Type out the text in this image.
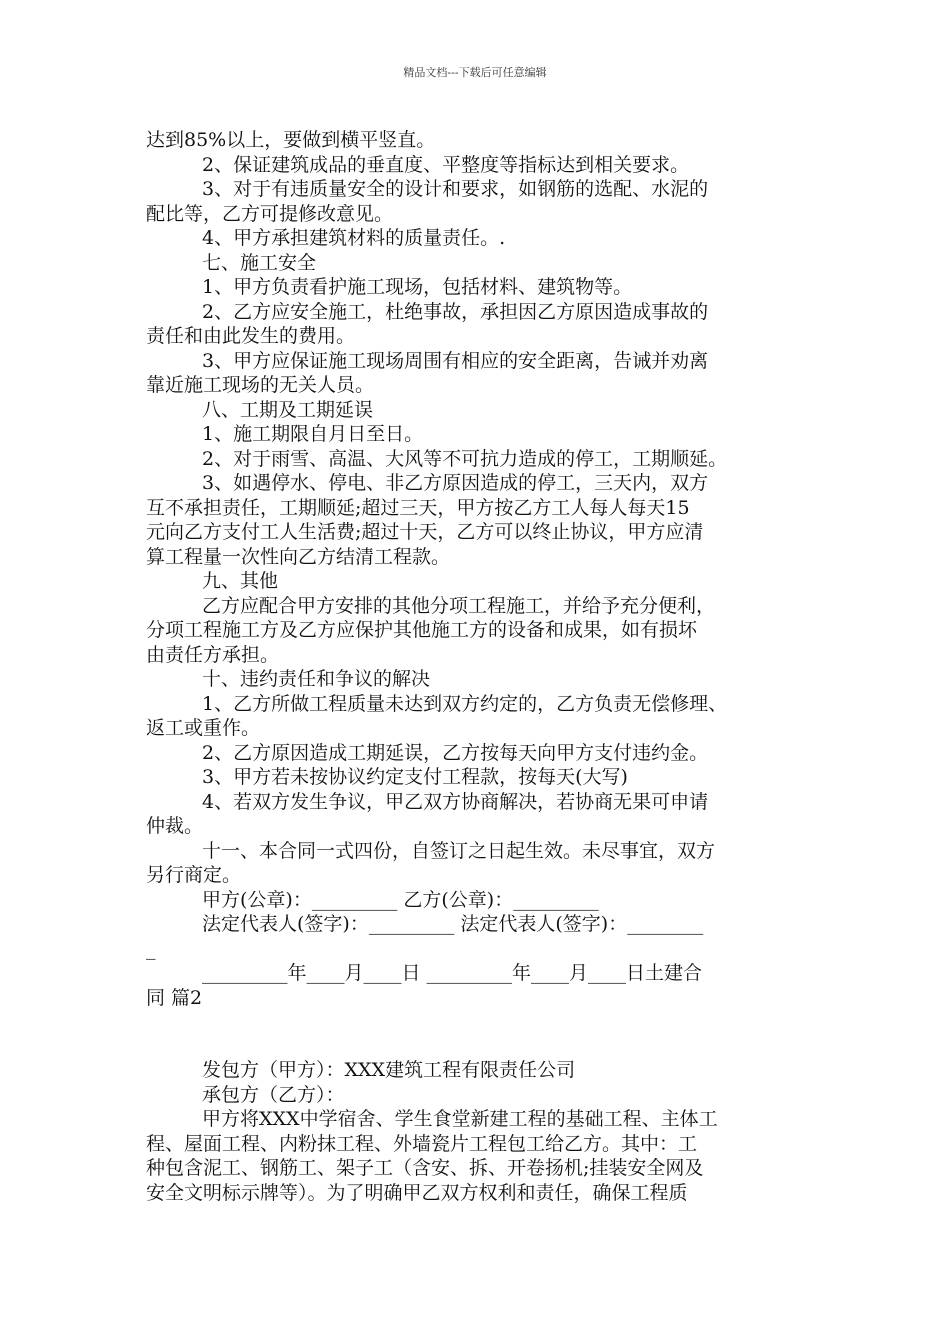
精品文档---下载后可任意编辑
达到85%以上，要做到横平竖直。
2、保证建筑成品的垂直度、平整度等指标达到相关要求。
3、对于有违质量安全的设计和要求，如钢筋的选配、水泥的
配比等，乙方可提修改意见。
4、甲方承担建筑材料的质量责任。.
七、施工安全
1、甲方负责看护施工现场，包括材料、建筑物等。
2、乙方应安全施工，杜绝事故，承担因乙方原因造成事故的
责任和由此发生的费用。
3、甲方应保证施工现场周围有相应的安全距离，告诫并劝离
靠近施工现场的无关人员。
八、工期及工期延误
1、施工期限自月日至日。
2、对于雨雪、高温、大风等不可抗力造成的停工，工期顺延。
3、如遇停水、停电、非乙方原因造成的停工，三天内，双方
互不承担责任，工期顺延;超过三天，甲方按乙方工人每人每天15
元向乙方支付工人生活费;超过十天，乙方可以终止协议，甲方应清
算工程量一次性向乙方结清工程款。
九、其他
乙方应配合甲方安排的其他分项工程施工，并给予充分便利，
分项工程施工方及乙方应保护其他施工方的设备和成果，如有损坏
由责任方承担。
十、违约责任和争议的解决
1、乙方所做工程质量未达到双方约定的，乙方负责无偿修理、
返工或重作。
2、乙方原因造成工期延误，乙方按每天向甲方支付违约金。
3、甲方若未按协议约定支付工程款，按每天(大写)
4、若双方发生争议，甲乙双方协商解决，若协商无果可申请
仲裁。
十一、本合同一式四份，自签订之日起生效。未尽事宜，双方
另行商定。
甲方(公章)：_________ 乙方(公章)：_________
法定代表人(签字)：_________ 法定代表人(签字)：________
_
_________年____月____日 _________年____月____日土建合
同 篇2
发包方（甲方）：XXX建筑工程有限责任公司
承包方（乙方）：
甲方将XXX中学宿舍、学生食堂新建工程的基础工程、主体工
程、屋面工程、内粉抹工程、外墙瓷片工程包工给乙方。其中：工
种包含泥工、钢筋工、架子工（含安、拆、开卷扬机;挂装安全网及
安全文明标示牌等）。为了明确甲乙双方权利和责任，确保工程质
